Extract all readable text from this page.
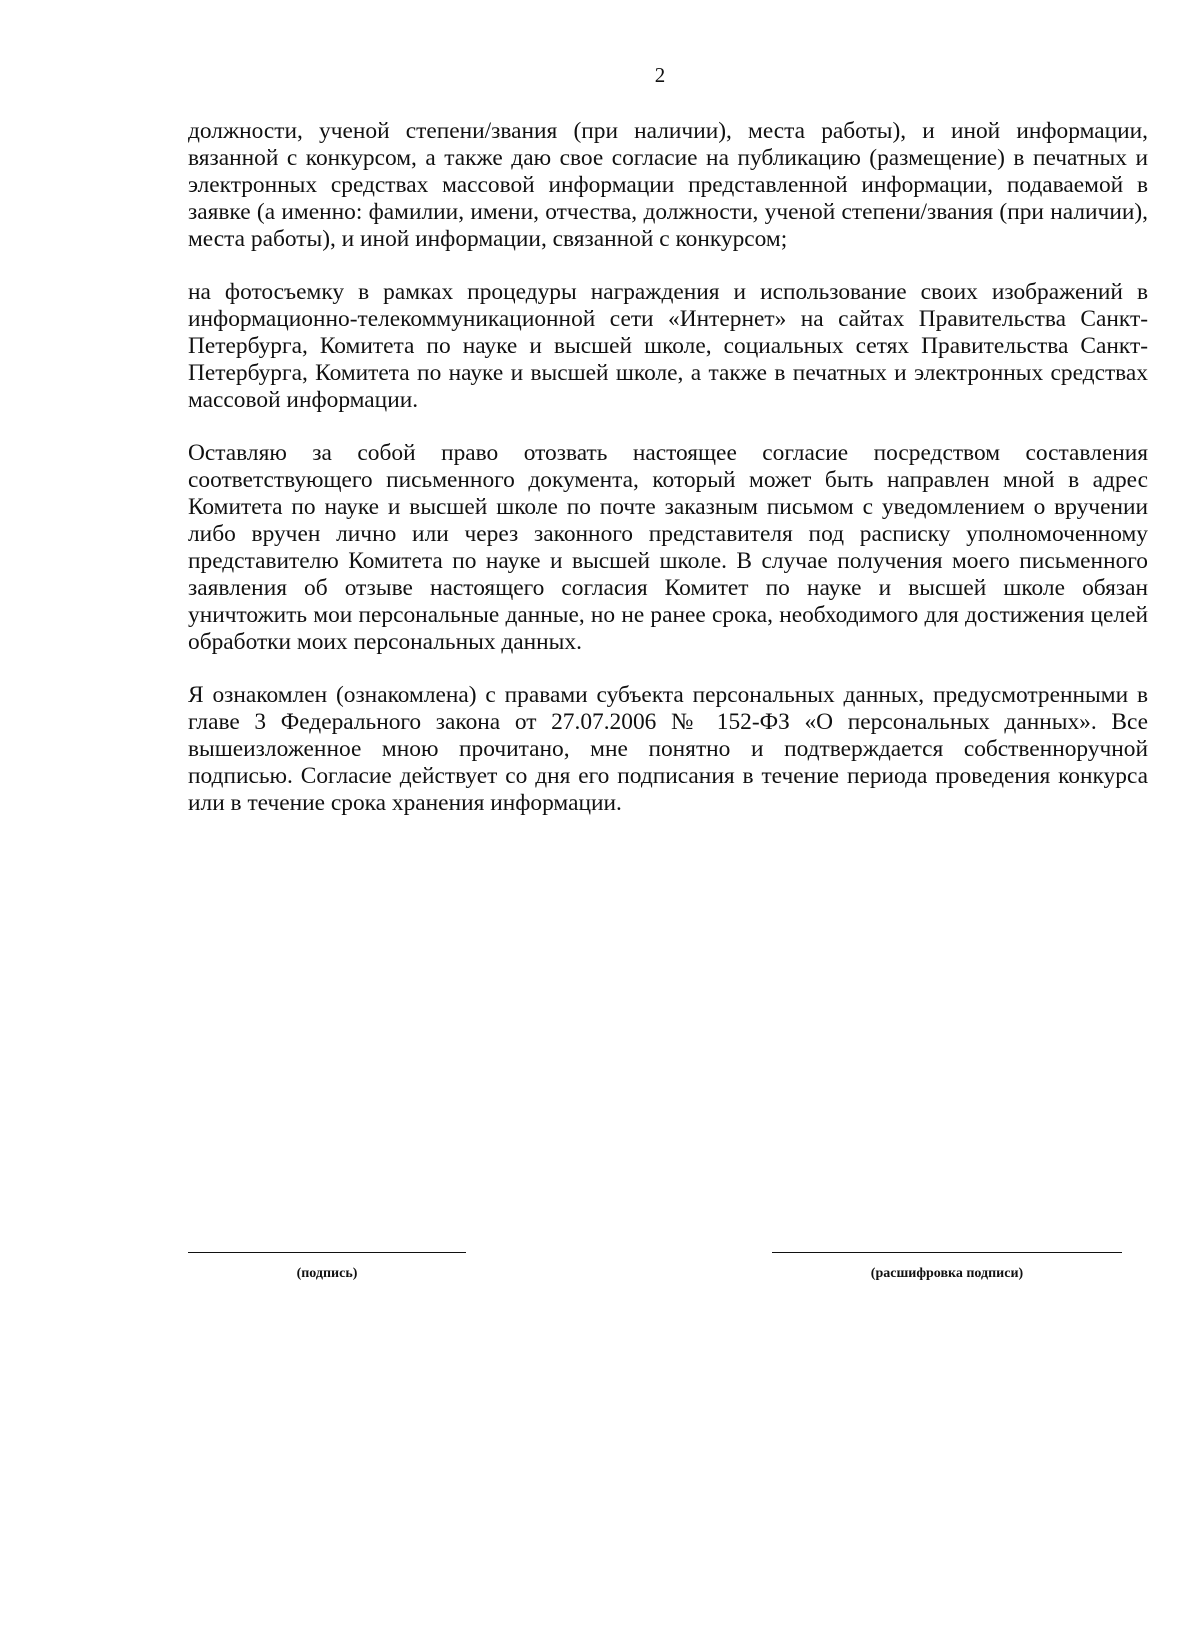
2

должности, ученой степени/звания (при наличии), места работы), и иной информации, вязанной с конкурсом, а также даю свое согласие на публикацию (размещение) в печатных и электронных средствах массовой информации представленной информации, подаваемой в заявке (а именно: фамилии, имени, отчества, должности, ученой степени/звания (при наличии), места работы), и иной информации, связанной с конкурсом;

на фотосъемку в рамках процедуры награждения и использование своих изображений в информационно-телекоммуникационной сети «Интернет» на сайтах Правительства Санкт-Петербурга, Комитета по науке и высшей школе, социальных сетях Правительства Санкт-Петербурга, Комитета по науке и высшей школе, а также в печатных и электронных средствах массовой информации.

Оставляю за собой право отозвать настоящее согласие посредством составления соответствующего письменного документа, который может быть направлен мной в адрес Комитета по науке и высшей школе по почте заказным письмом с уведомлением о вручении либо вручен лично или через законного представителя под расписку уполномоченному представителю Комитета по науке и высшей школе. В случае получения моего письменного заявления об отзыве настоящего согласия Комитет по науке и высшей школе обязан уничтожить мои персональные данные, но не ранее срока, необходимого для достижения целей обработки моих персональных данных.

Я ознакомлен (ознакомлена) с правами субъекта персональных данных, предусмотренными в главе 3 Федерального закона от 27.07.2006 № 152-ФЗ «О персональных данных». Все вышеизложенное мною прочитано, мне понятно и подтверждается собственноручной подписью. Согласие действует со дня его подписания в течение периода проведения конкурса или в течение срока хранения информации.

(подпись)	(расшифровка подписи)
